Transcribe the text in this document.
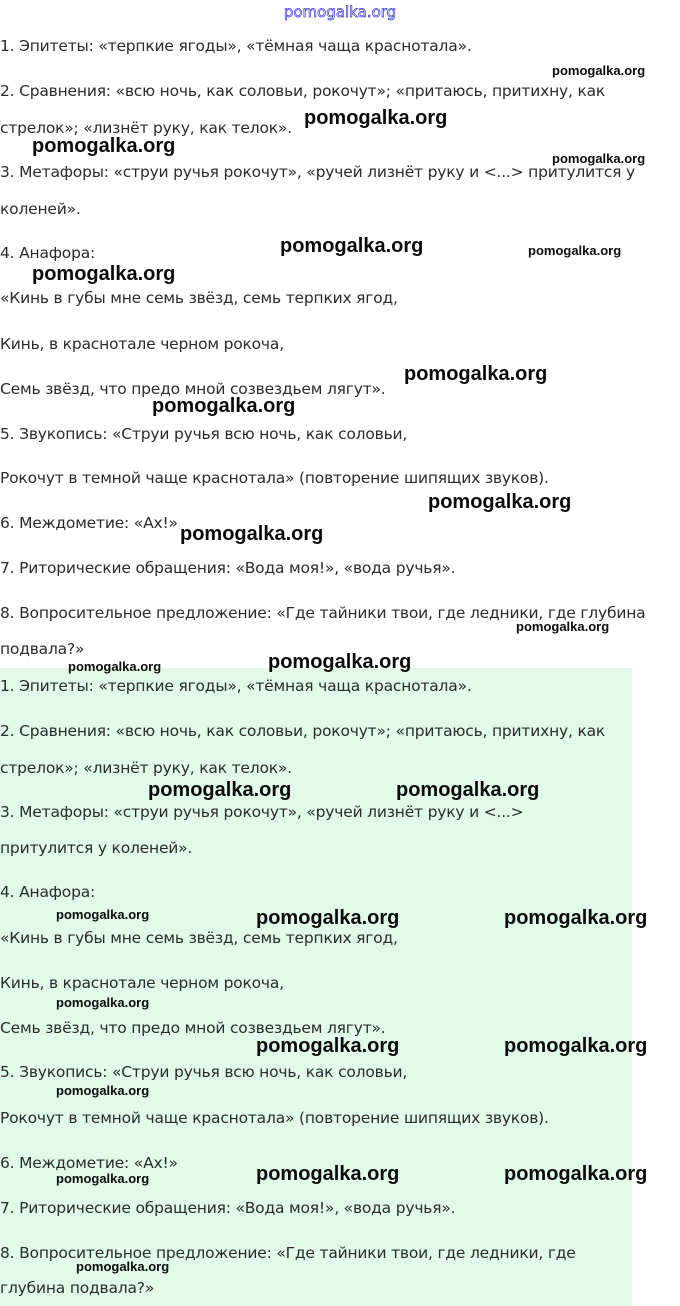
pomogalka.org
1. Эпитеты: «терпкие ягоды», «тёмная чаща краснотала».
2. Сравнения: «всю ночь, как соловьи, рокочут»; «притаюсь, притихну, как
стрелок»; «лизнёт руку, как телок».
3. Метафоры: «струи ручья рокочут», «ручей лизнёт руку и <...> притулится у
коленей».
4. Анафора:
«Кинь в губы мне семь звёзд, семь терпких ягод,
Кинь, в краснотале черном рокоча,
Семь звёзд, что предо мной созвездьем лягут».
5. Звукопись: «Струи ручья всю ночь, как соловьи,
Рокочут в темной чаще краснотала» (повторение шипящих звуков).
6. Междометие: «Ах!»
7. Риторические обращения: «Вода моя!», «вода ручья».
8. Вопросительное предложение: «Где тайники твои, где ледники, где глубина
подвала?»
1. Эпитеты: «терпкие ягоды», «тёмная чаща краснотала».
2. Сравнения: «всю ночь, как соловьи, рокочут»; «притаюсь, притихну, как
стрелок»; «лизнёт руку, как телок».
3. Метафоры: «струи ручья рокочут», «ручей лизнёт руку и <...>
притулится у коленей».
4. Анафора:
«Кинь в губы мне семь звёзд, семь терпких ягод,
Кинь, в краснотале черном рокоча,
Семь звёзд, что предо мной созвездьем лягут».
5. Звукопись: «Струи ручья всю ночь, как соловьи,
Рокочут в темной чаще краснотала» (повторение шипящих звуков).
6. Междометие: «Ах!»
7. Риторические обращения: «Вода моя!», «вода ручья».
8. Вопросительное предложение: «Где тайники твои, где ледники, где
глубина подвала?»
pomogalka.org
pomogalka.org
pomogalka.org
pomogalka.org
pomogalka.org	pomogalka.org
pomogalka.org
pomogalka.org
pomogalka.org
pomogalka.org
pomogalka.org
pomogalka.org
pomogalka.org
pomogalka.org
pomogalka.org	pomogalka.org
pomogalka.org	pomogalka.org	pomogalka.org
pomogalka.org
pomogalka.org	pomogalka.org
pomogalka.org
pomogalka.org	pomogalka.org	pomogalka.org
pomogalka.org
